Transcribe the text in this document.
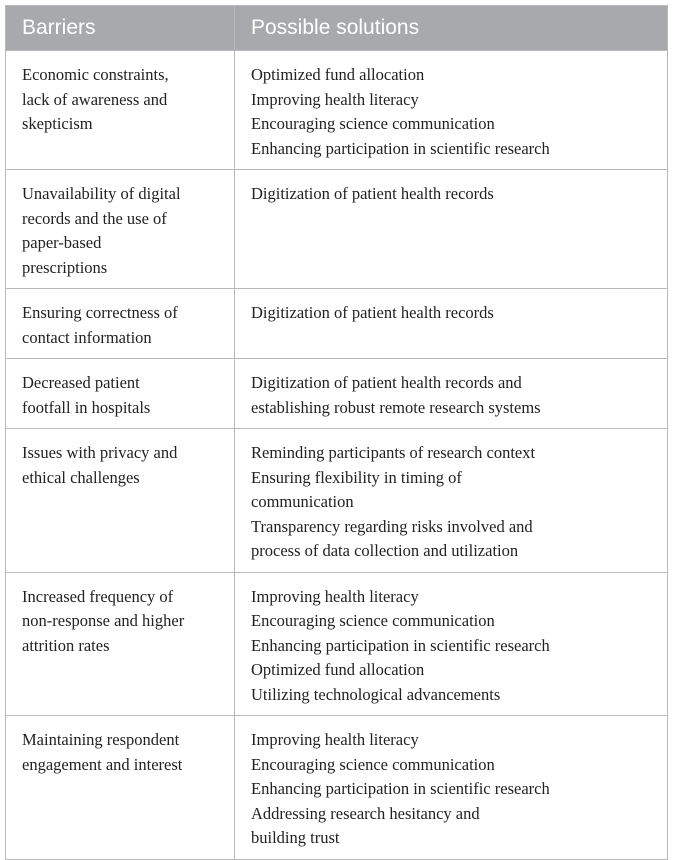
Barriers	Possible solutions

Economic constraints,
lack of awareness and
skepticism	Optimized fund allocation
Improving health literacy
Encouraging science communication
Enhancing participation in scientific research

Unavailability of digital
records and the use of
paper-based
prescriptions	Digitization of patient health records

Ensuring correctness of
contact information	Digitization of patient health records

Decreased patient
footfall in hospitals	Digitization of patient health records and
establishing robust remote research systems

Issues with privacy and
ethical challenges	Reminding participants of research context
Ensuring flexibility in timing of
communication
Transparency regarding risks involved and
process of data collection and utilization

Increased frequency of
non-response and higher
attrition rates	Improving health literacy
Encouraging science communication
Enhancing participation in scientific research
Optimized fund allocation
Utilizing technological advancements

Maintaining respondent
engagement and interest	Improving health literacy
Encouraging science communication
Enhancing participation in scientific research
Addressing research hesitancy and
building trust
